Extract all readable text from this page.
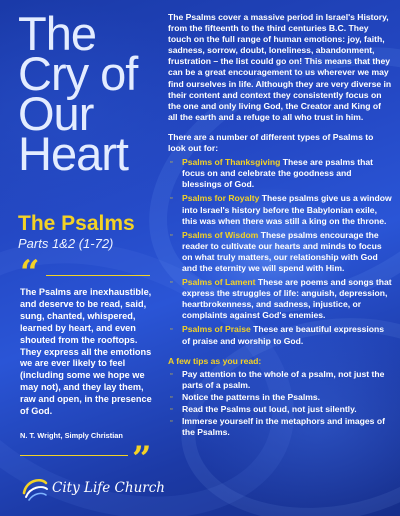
The
Cry of
Our
Heart
The Psalms
Parts 1&2 (1-72)
“
The Psalms are inexhaustible, and deserve to be read, said, sung, chanted, whispered, learned by heart, and even shouted from the rooftops. They express all the emotions we are ever likely to feel (including some we hope we may not), and they lay them, raw and open, in the presence of God.
N. T. Wright, Simply Christian
”
City Life Church

The Psalms cover a massive period in Israel's History, from the fifteenth to the third centuries B.C. They touch on the full range of human emotions: joy, faith, sadness, sorrow, doubt, loneliness, abandonment, frustration – the list could go on! This means that they can be a great encouragement to us wherever we may find ourselves in life. Although they are very diverse in their content and context they consistently focus on the one and only living God, the Creator and King of all the earth and a refuge to all who trust in him.

There are a number of different types of Psalms to look out for:

▫	Psalms of Thanksgiving These are psalms that focus on and celebrate the goodness and blessings of God.
▫	Psalms for Royalty These psalms give us a window into Israel's history before the Babylonian exile, this was when there was still a king on the throne.
▫	Psalms of Wisdom These psalms encourage the reader to cultivate our hearts and minds to focus on what truly matters, our relationship with God and the eternity we will spend with Him.
▫	Psalms of Lament These are poems and songs that express the struggles of life: anguish, depression, heartbrokenness, and sadness, injustice, or complaints against God's enemies.
▫	Psalms of Praise These are beautiful expressions of praise and worship to God.

A few tips as you read:

▫	Pay attention to the whole of a psalm, not just the parts of a psalm.
▫	Notice the patterns in the Psalms.
▫	Read the Psalms out loud, not just silently.
▫	Immerse yourself in the metaphors and images of the Psalms.
